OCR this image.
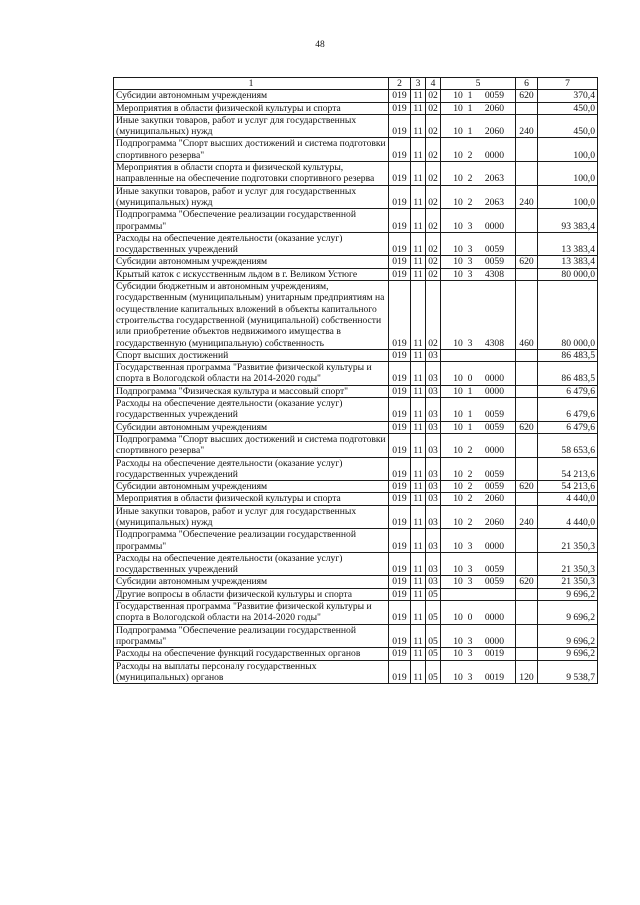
48
1	2	3	4	5	6	7
Субсидии автономным учреждениям	019	11	02	10 1 0059	620	370,4
Мероприятия в области физической культуры и спорта	019	11	02	10 1 2060		450,0
Иные закупки товаров, работ и услуг для государственных (муниципальных) нужд	019	11	02	10 1 2060	240	450,0
Подпрограмма "Спорт высших достижений и система подготовки спортивного резерва"	019	11	02	10 2 0000		100,0
Мероприятия в области спорта и физической культуры, направленные на обеспечение подготовки спортивного резерва	019	11	02	10 2 2063		100,0
Иные закупки товаров, работ и услуг для государственных (муниципальных) нужд	019	11	02	10 2 2063	240	100,0
Подпрограмма "Обеспечение реализации государственной программы"	019	11	02	10 3 0000		93 383,4
Расходы на обеспечение деятельности (оказание услуг) государственных учреждений	019	11	02	10 3 0059		13 383,4
Субсидии автономным учреждениям	019	11	02	10 3 0059	620	13 383,4
Крытый каток с искусственным льдом в г. Великом Устюге	019	11	02	10 3 4308		80 000,0
Субсидии бюджетным и автономным учреждениям, государственным (муниципальным) унитарным предприятиям на осуществление капитальных вложений в объекты капитального строительства государственной (муниципальной) собственности или приобретение объектов недвижимого имущества в государственную (муниципальную) собственность	019	11	02	10 3 4308	460	80 000,0
Спорт высших достижений	019	11	03			86 483,5
Государственная программа "Развитие физической культуры и спорта в Вологодской области на 2014-2020 годы"	019	11	03	10 0 0000		86 483,5
Подпрограмма "Физическая культура и массовый спорт"	019	11	03	10 1 0000		6 479,6
Расходы на обеспечение деятельности (оказание услуг) государственных учреждений	019	11	03	10 1 0059		6 479,6
Субсидии автономным учреждениям	019	11	03	10 1 0059	620	6 479,6
Подпрограмма "Спорт высших достижений и система подготовки спортивного резерва"	019	11	03	10 2 0000		58 653,6
Расходы на обеспечение деятельности (оказание услуг) государственных учреждений	019	11	03	10 2 0059		54 213,6
Субсидии автономным учреждениям	019	11	03	10 2 0059	620	54 213,6
Мероприятия в области физической культуры и спорта	019	11	03	10 2 2060		4 440,0
Иные закупки товаров, работ и услуг для государственных (муниципальных) нужд	019	11	03	10 2 2060	240	4 440,0
Подпрограмма "Обеспечение реализации государственной программы"	019	11	03	10 3 0000		21 350,3
Расходы на обеспечение деятельности (оказание услуг) государственных учреждений	019	11	03	10 3 0059		21 350,3
Субсидии автономным учреждениям	019	11	03	10 3 0059	620	21 350,3
Другие вопросы в области физической культуры и спорта	019	11	05			9 696,2
Государственная программа "Развитие физической культуры и спорта в Вологодской области на 2014-2020 годы"	019	11	05	10 0 0000		9 696,2
Подпрограмма "Обеспечение реализации государственной программы"	019	11	05	10 3 0000		9 696,2
Расходы на обеспечение функций государственных органов	019	11	05	10 3 0019		9 696,2
Расходы на выплаты персоналу государственных (муниципальных) органов	019	11	05	10 3 0019	120	9 538,7
